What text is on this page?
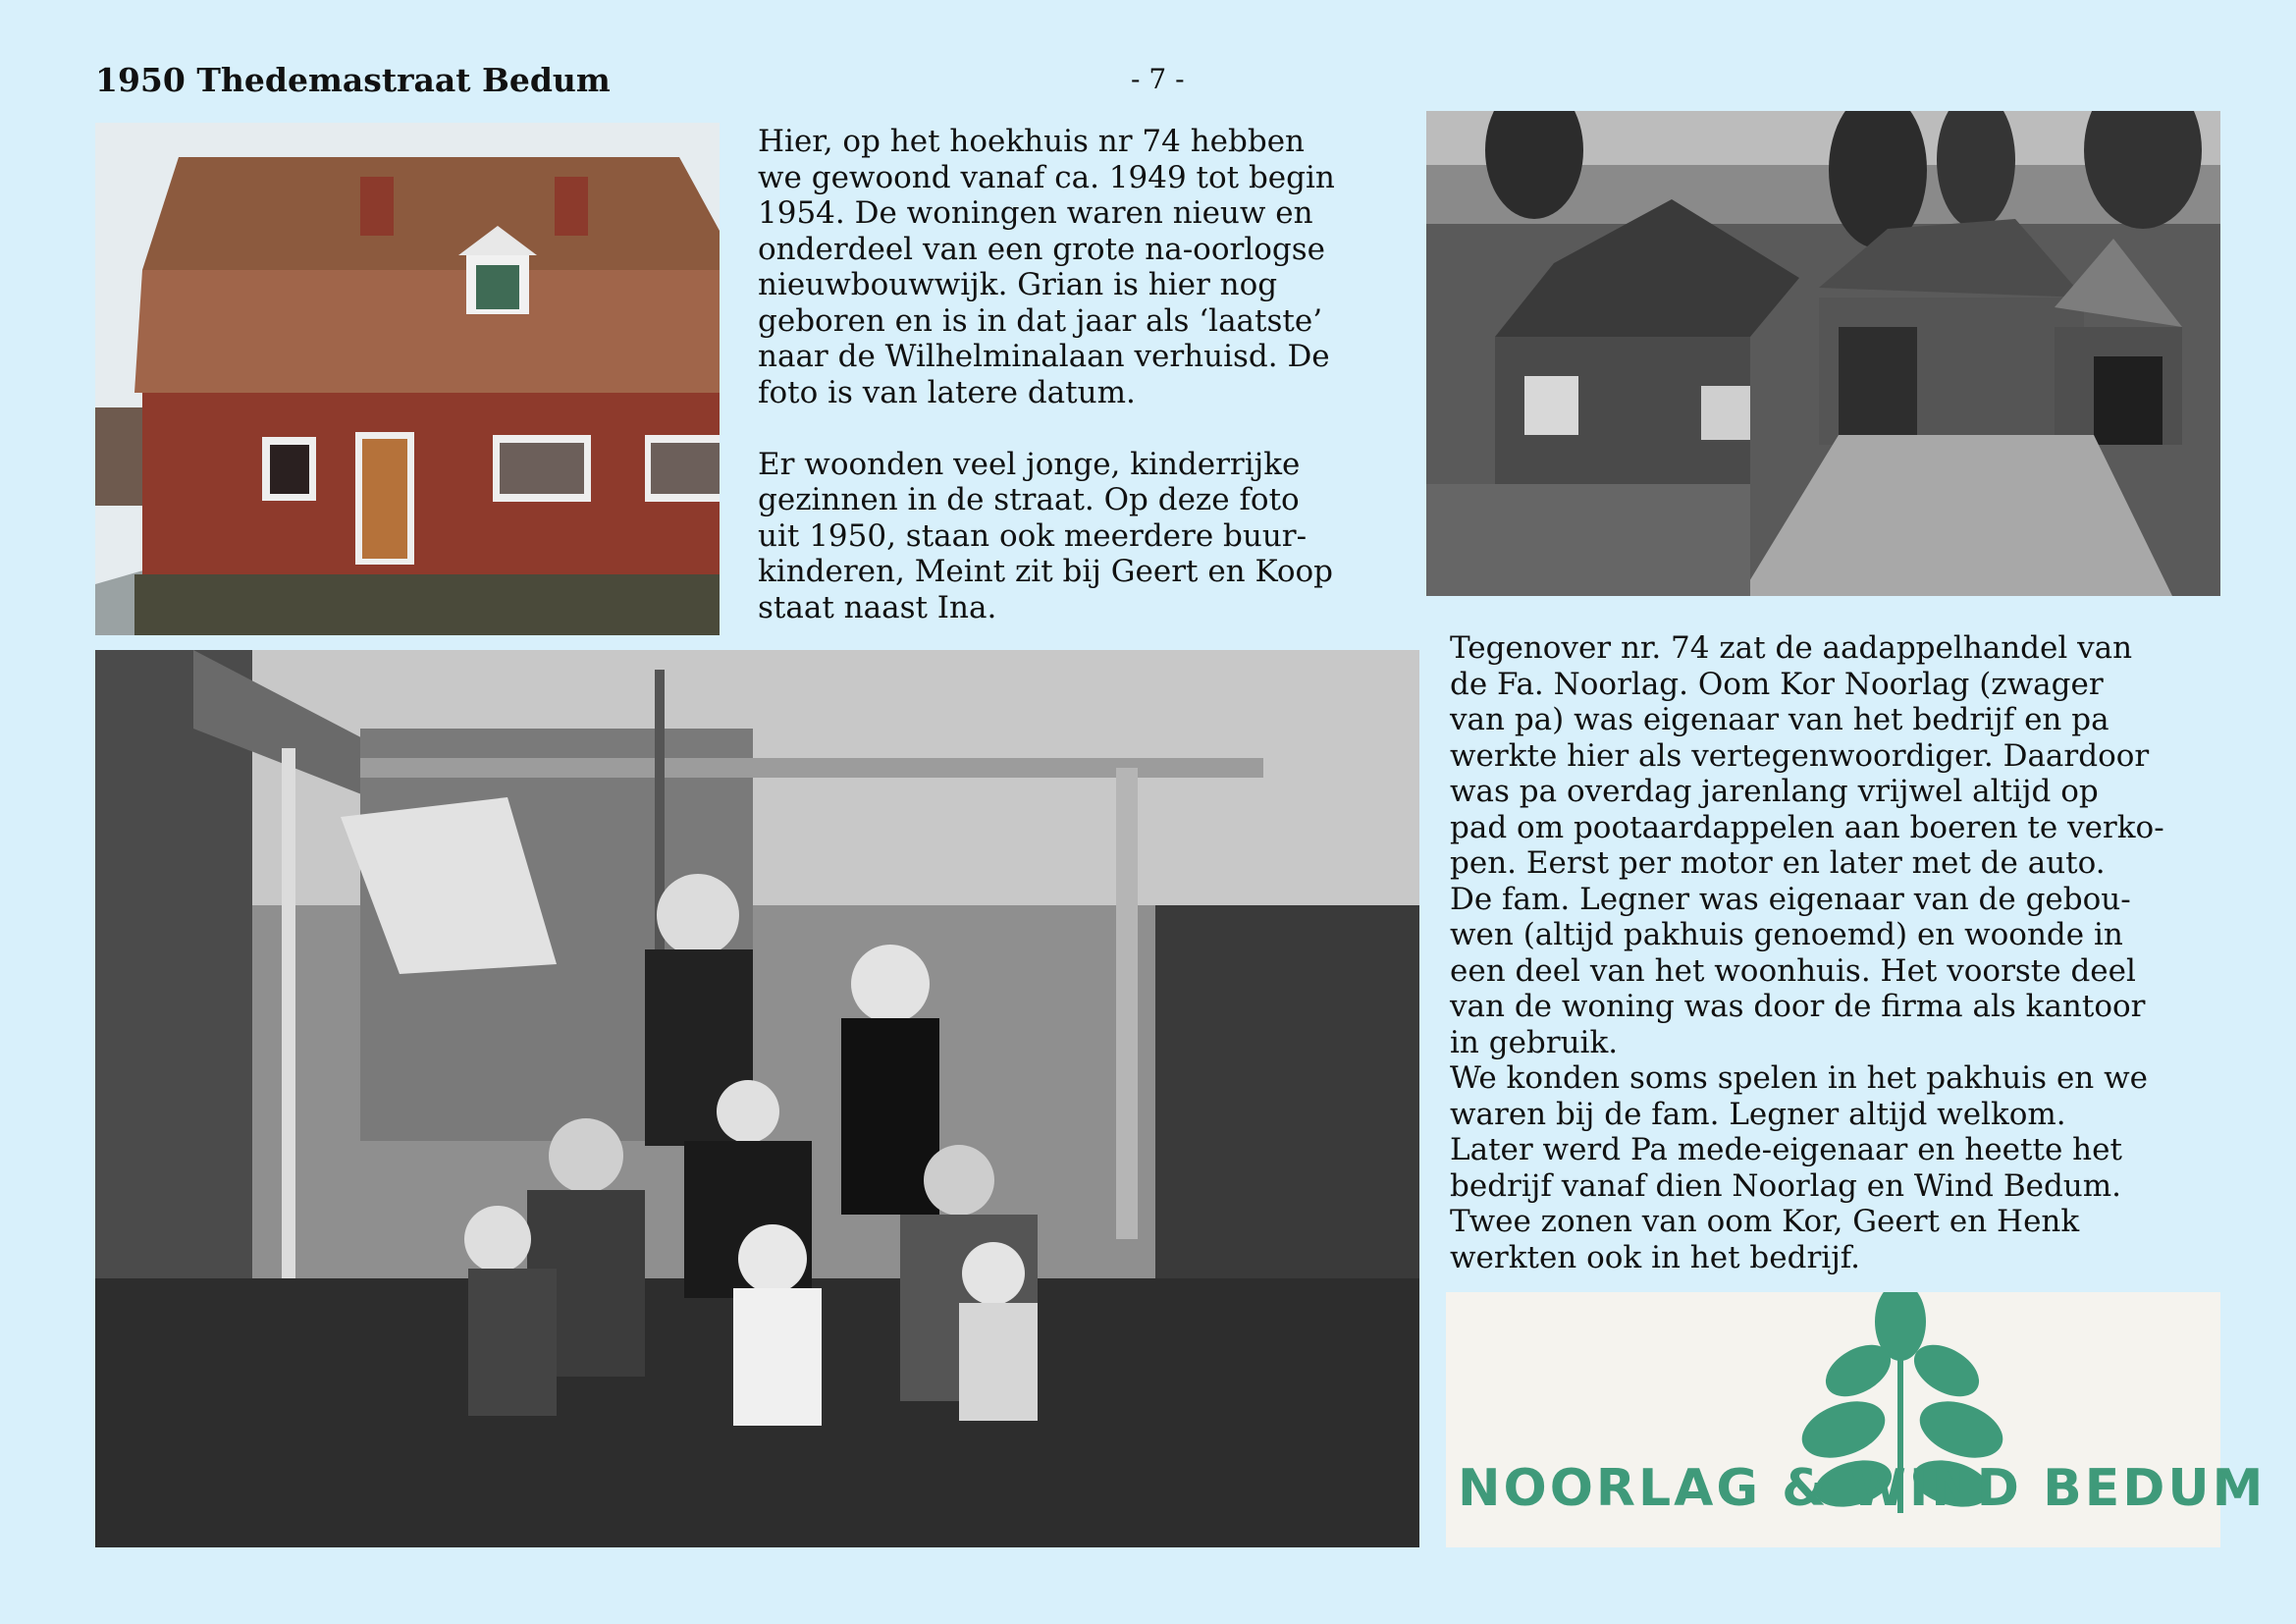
1950 Thedemastraat Bedum	- 7 -
Hier, op het hoekhuis nr 74 hebben
we gewoond vanaf ca. 1949 tot begin
1954. De woningen waren nieuw en
onderdeel van een grote na-oorlogse
nieuwbouwwijk. Grian is hier nog
geboren en is in dat jaar als ‘laatste’
naar de Wilhelminalaan verhuisd. De
foto is van latere datum.

Er woonden veel jonge, kinderrijke
gezinnen in de straat. Op deze foto
uit 1950, staan ook meerdere buur-
kinderen, Meint zit bij Geert en Koop
staat naast Ina.
Tegenover nr. 74 zat de aadappelhandel van
de Fa. Noorlag. Oom Kor Noorlag (zwager
van pa) was eigenaar van het bedrijf en pa
werkte hier als vertegenwoordiger. Daardoor
was pa overdag jarenlang vrijwel altijd op
pad om pootaardappelen aan boeren te verko-
pen. Eerst per motor en later met de auto.
De fam. Legner was eigenaar van de gebou-
wen (altijd pakhuis genoemd) en woonde in
een deel van het woonhuis. Het voorste deel
van de woning was door de firma als kantoor
in gebruik.
We konden soms spelen in het pakhuis en we
waren bij de fam. Legner altijd welkom.
Later werd Pa mede-eigenaar en heette het
bedrijf vanaf dien Noorlag en Wind Bedum.
Twee zonen van oom Kor, Geert en Henk
werkten ook in het bedrijf.
NOORLAG & WIND BEDUM
